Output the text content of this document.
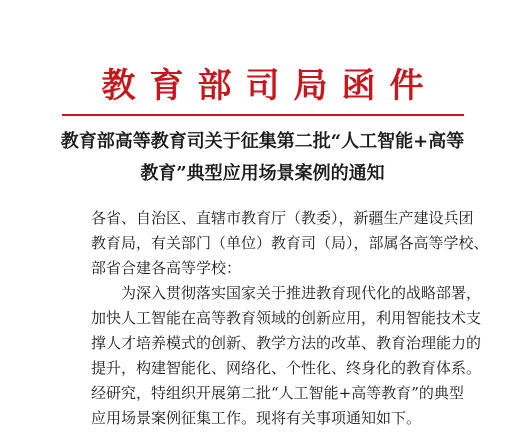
教育部司局函件
教育部高等教育司关于征集第二批“人工智能+高等
教育”典型应用场景案例的通知
各省、自治区、直辖市教育厅（教委），新疆生产建设兵团
教育局，有关部门（单位）教育司（局），部属各高等学校、
部省合建各高等学校：
为深入贯彻落实国家关于推进教育现代化的战略部署，
加快人工智能在高等教育领域的创新应用，利用智能技术支
撑人才培养模式的创新、教学方法的改革、教育治理能力的
提升，构建智能化、网络化、个性化、终身化的教育体系。
经研究，特组织开展第二批“人工智能+高等教育”的典型
应用场景案例征集工作。现将有关事项通知如下。
